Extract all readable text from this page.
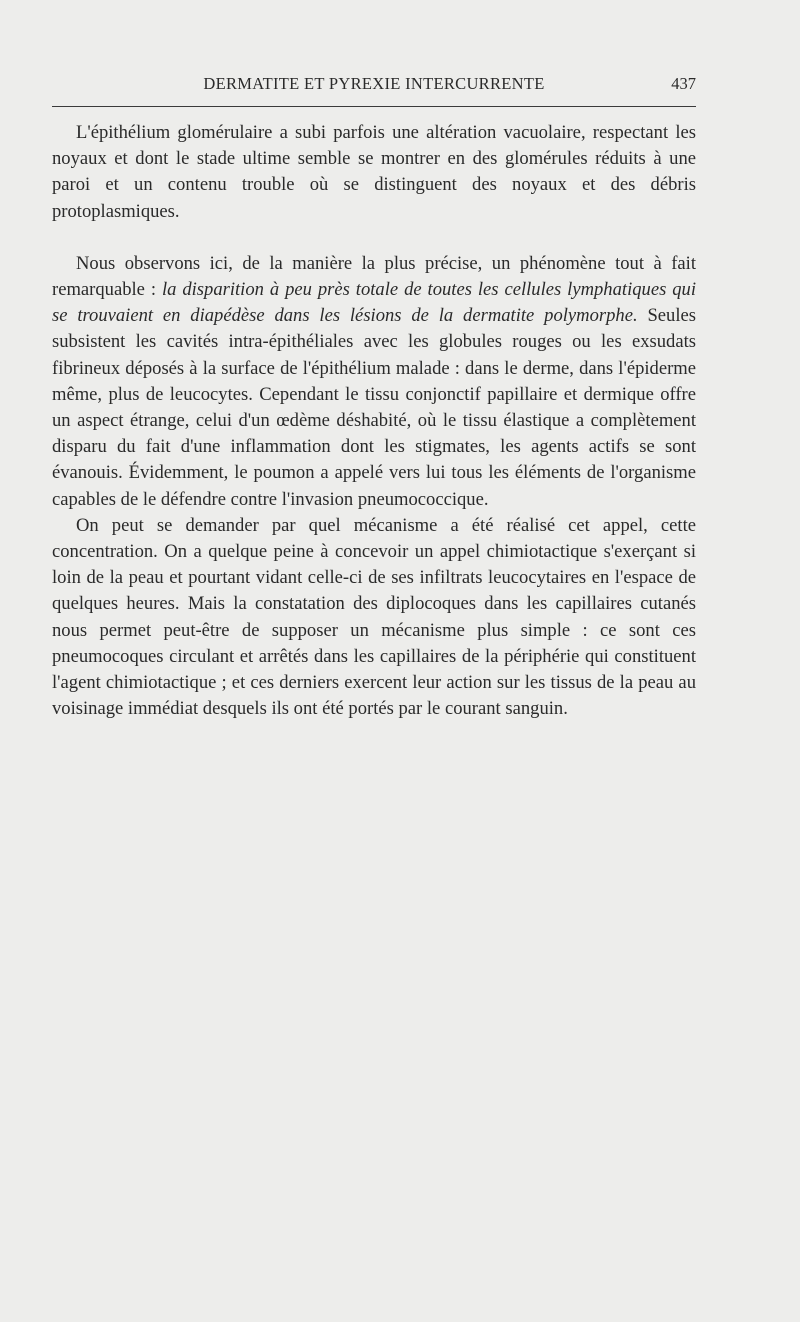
DERMATITE ET PYREXIE INTERCURRENTE	437

L'épithélium glomérulaire a subi parfois une altération vacuolaire, respectant les noyaux et dont le stade ultime semble se montrer en des glomérules réduits à une paroi et un contenu trouble où se distinguent des noyaux et des débris protoplasmiques.

Nous observons ici, de la manière la plus précise, un phénomène tout à fait remarquable : la disparition à peu près totale de toutes les cellules lymphatiques qui se trouvaient en diapédèse dans les lésions de la dermatite polymorphe. Seules subsistent les cavités intra-épithéliales avec les globules rouges ou les exsudats fibrineux déposés à la surface de l'épithélium malade : dans le derme, dans l'épiderme même, plus de leucocytes. Cependant le tissu conjonctif papillaire et dermique offre un aspect étrange, celui d'un œdème déshabité, où le tissu élastique a complètement disparu du fait d'une inflammation dont les stigmates, les agents actifs se sont évanouis. Évidemment, le poumon a appelé vers lui tous les éléments de l'organisme capables de le défendre contre l'invasion pneumococcique.

On peut se demander par quel mécanisme a été réalisé cet appel, cette concentration. On a quelque peine à concevoir un appel chimiotactique s'exerçant si loin de la peau et pourtant vidant celle-ci de ses infiltrats leucocytaires en l'espace de quelques heures. Mais la constatation des diplocoques dans les capillaires cutanés nous permet peut-être de supposer un mécanisme plus simple : ce sont ces pneumocoques circulant et arrêtés dans les capillaires de la périphérie qui constituent l'agent chimiotactique ; et ces derniers exercent leur action sur les tissus de la peau au voisinage immédiat desquels ils ont été portés par le courant sanguin.
